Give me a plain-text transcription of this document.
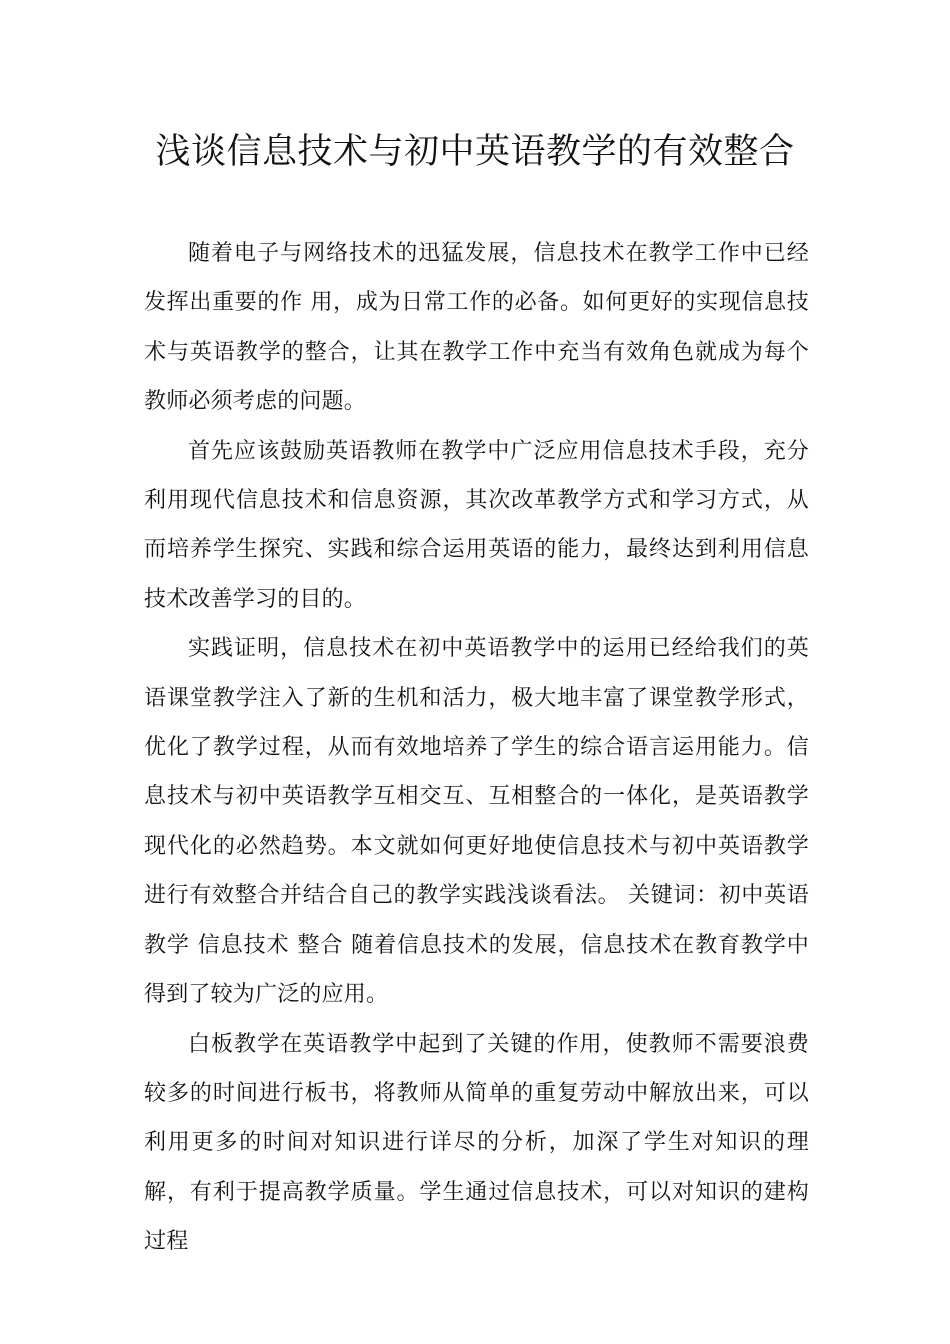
浅谈信息技术与初中英语教学的有效整合

随着电子与网络技术的迅猛发展，信息技术在教学工作中已经发挥出重要的作 用，成为日常工作的必备。如何更好的实现信息技术与英语教学的整合，让其在教学工作中充当有效角色就成为每个教师必须考虑的问题。

首先应该鼓励英语教师在教学中广泛应用信息技术手段，充分利用现代信息技术和信息资源，其次改革教学方式和学习方式，从而培养学生探究、实践和综合运用英语的能力，最终达到利用信息技术改善学习的目的。

实践证明，信息技术在初中英语教学中的运用已经给我们的英语课堂教学注入了新的生机和活力，极大地丰富了课堂教学形式，优化了教学过程，从而有效地培养了学生的综合语言运用能力。信息技术与初中英语教学互相交互、互相整合的一体化，是英语教学现代化的必然趋势。本文就如何更好地使信息技术与初中英语教学进行有效整合并结合自己的教学实践浅谈看法。 关键词：初中英语 教学 信息技术 整合 随着信息技术的发展，信息技术在教育教学中得到了较为广泛的应用。

白板教学在英语教学中起到了关键的作用，使教师不需要浪费较多的时间进行板书，将教师从简单的重复劳动中解放出来，可以利用更多的时间对知识进行详尽的分析，加深了学生对知识的理解，有利于提高教学质量。学生通过信息技术，可以对知识的建构过程
